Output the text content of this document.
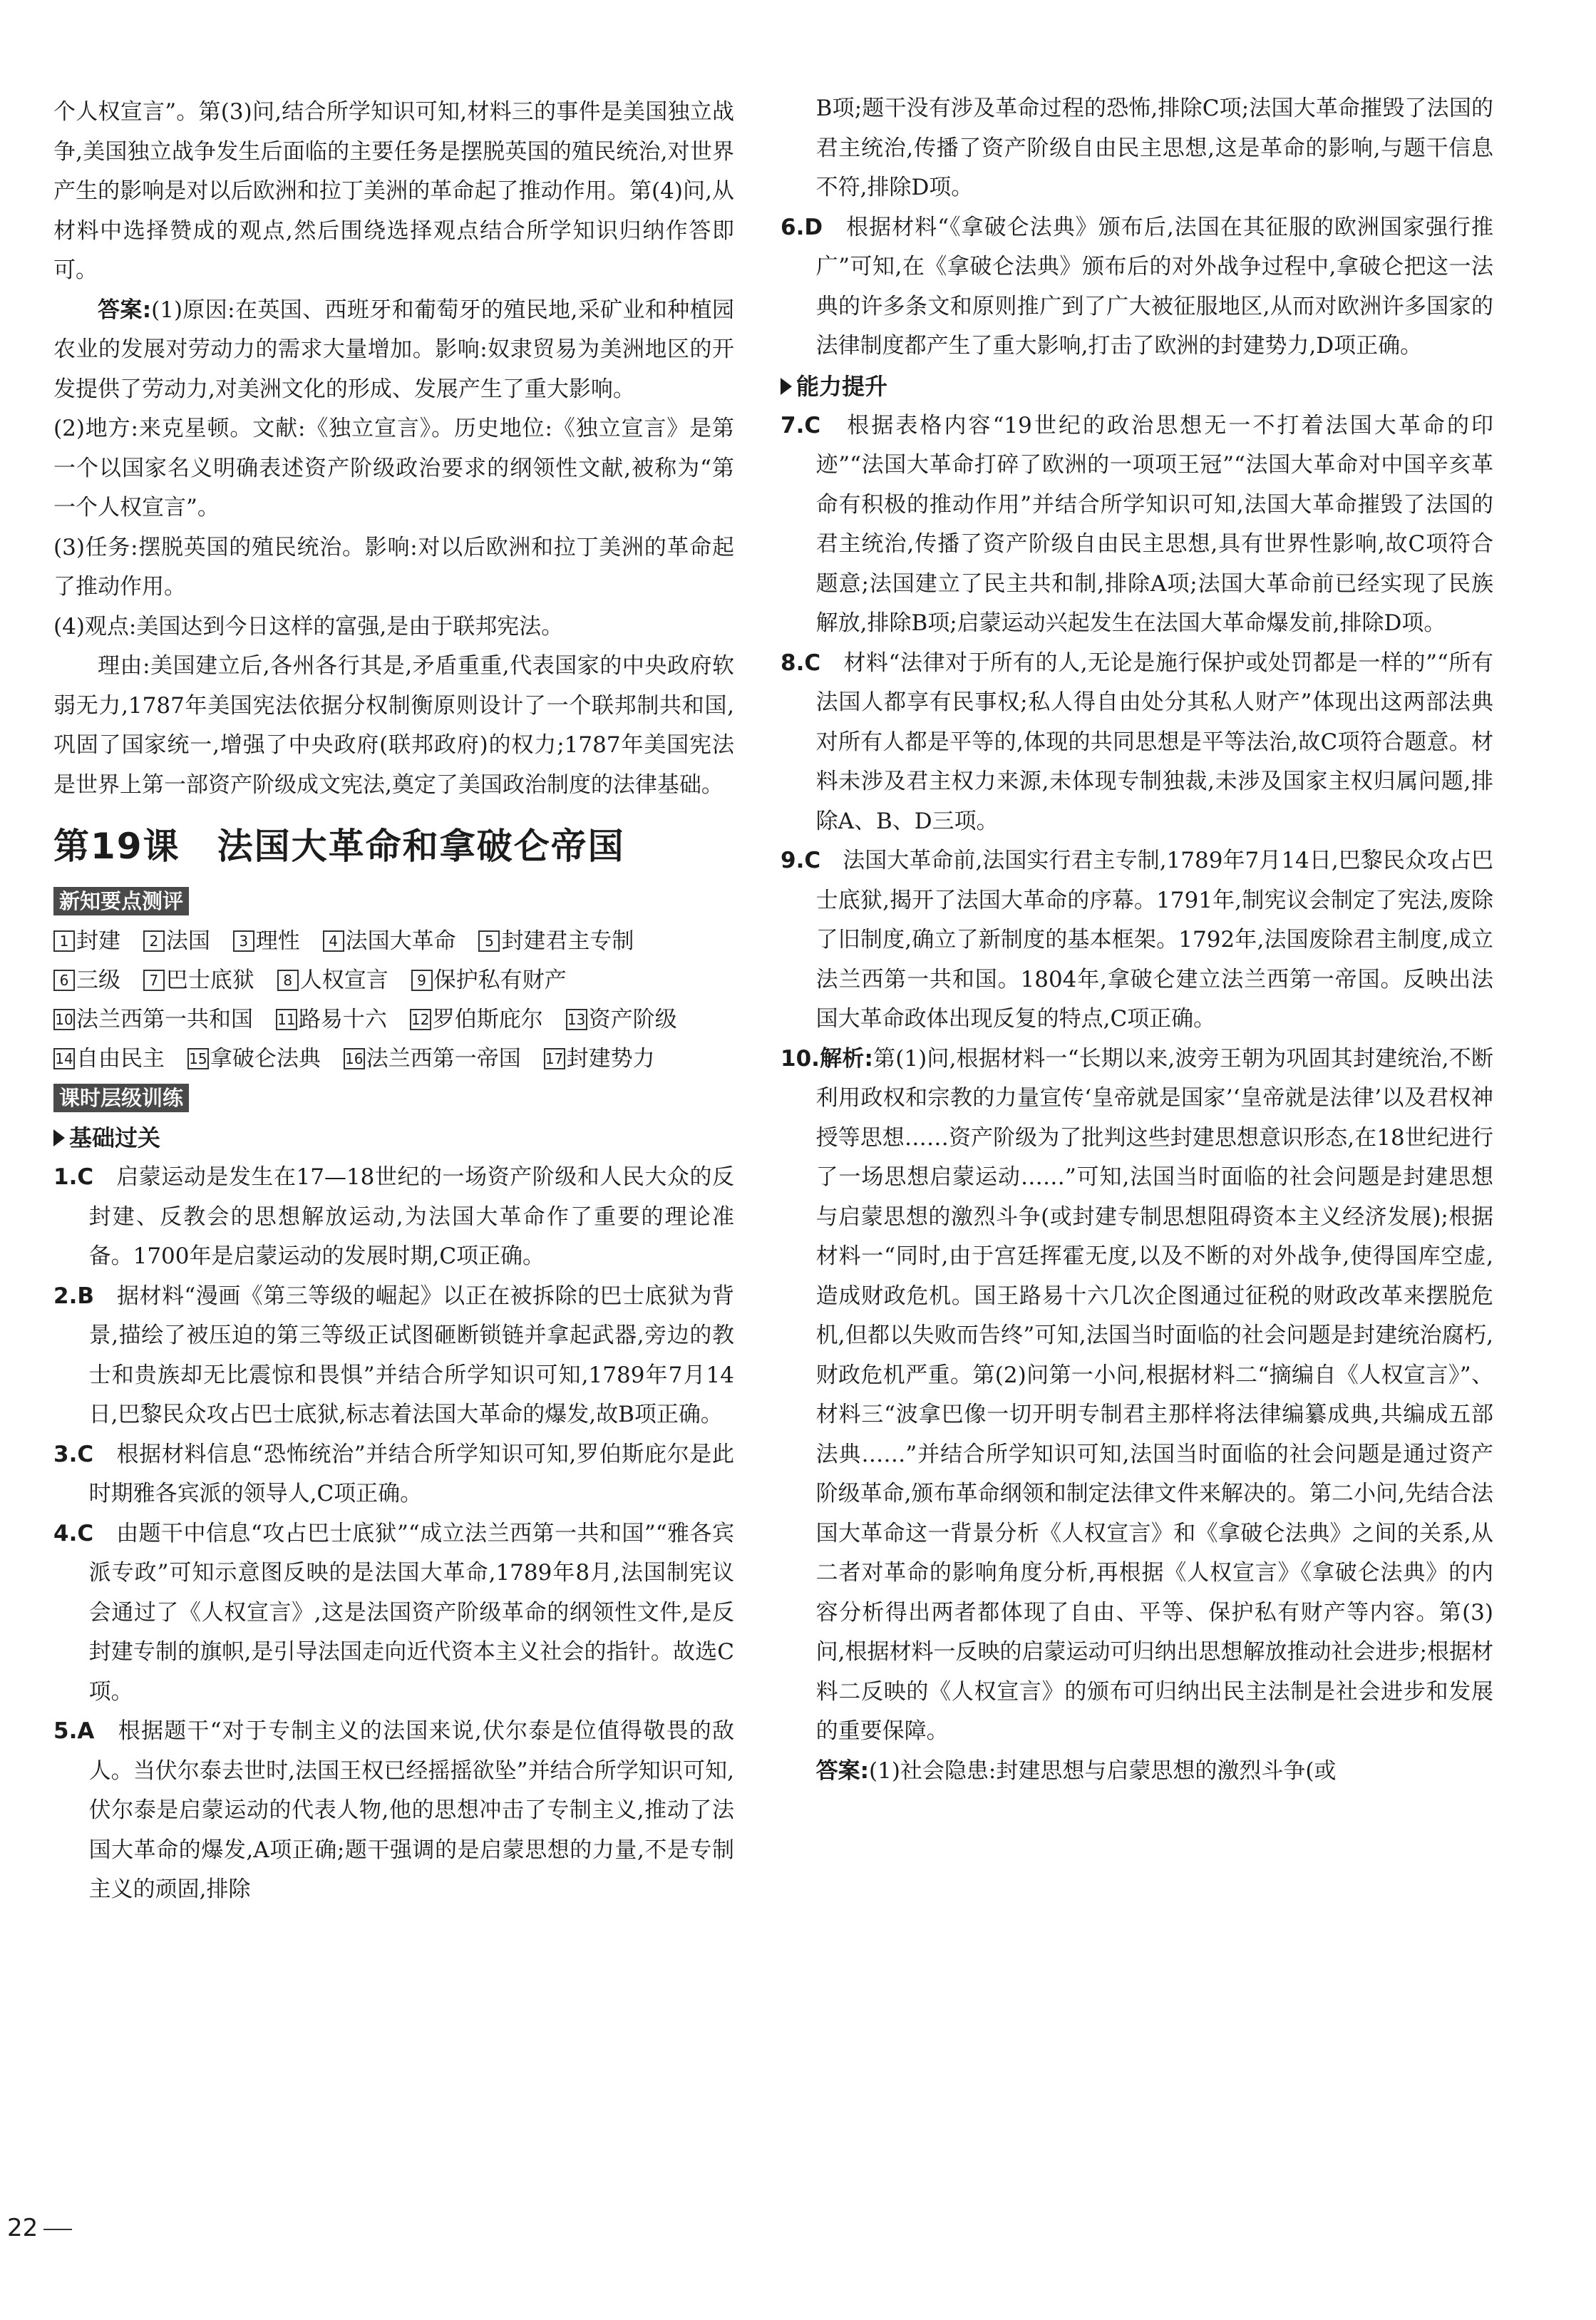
个人权宣言”。第(3)问,结合所学知识可知,材料三的事件是美国独立战争,美国独立战争发生后面临的主要任务是摆脱英国的殖民统治,对世界产生的影响是对以后欧洲和拉丁美洲的革命起了推动作用。第(4)问,从材料中选择赞成的观点,然后围绕选择观点结合所学知识归纳作答即可。

答案:(1)原因:在英国、西班牙和葡萄牙的殖民地,采矿业和种植园农业的发展对劳动力的需求大量增加。影响:奴隶贸易为美洲地区的开发提供了劳动力,对美洲文化的形成、发展产生了重大影响。

(2)地方:来克星顿。文献:《独立宣言》。历史地位:《独立宣言》是第一个以国家名义明确表述资产阶级政治要求的纲领性文献,被称为“第一个人权宣言”。

(3)任务:摆脱英国的殖民统治。影响:对以后欧洲和拉丁美洲的革命起了推动作用。

(4)观点:美国达到今日这样的富强,是由于联邦宪法。

理由:美国建立后,各州各行其是,矛盾重重,代表国家的中央政府软弱无力,1787年美国宪法依据分权制衡原则设计了一个联邦制共和国,巩固了国家统一,增强了中央政府(联邦政府)的权力;1787年美国宪法是世界上第一部资产阶级成文宪法,奠定了美国政治制度的法律基础。

第19课　法国大革命和拿破仑帝国
新知要点测评
1 封建 2 法国 3 理性 4 法国大革命 5 封建君主专制 6 三级 7 巴士底狱 8 人权宣言 9 保护私有财产 10 法兰西第一共和国 11 路易十六 12 罗伯斯庇尔 13 资产阶级 14 自由民主 15 拿破仑法典 16 法兰西第一帝国 17 封建势力
课时层级训练
基础过关

1.C　 启蒙运动是发生在17—18世纪的一场资产阶级和人民大众的反封建、反教会的思想解放运动,为法国大革命作了重要的理论准备。1700年是启蒙运动的发展时期,C项正确。

2.B　 据材料“漫画《第三等级的崛起》以正在被拆除的巴士底狱为背景,描绘了被压迫的第三等级正试图砸断锁链并拿起武器,旁边的教士和贵族却无比震惊和畏惧”并结合所学知识可知,1789年7月14日,巴黎民众攻占巴士底狱,标志着法国大革命的爆发,故B项正确。

3.C　 根据材料信息“恐怖统治”并结合所学知识可知,罗伯斯庇尔是此时期雅各宾派的领导人,C项正确。

4.C　 由题干中信息“攻占巴士底狱”“成立法兰西第一共和国”“雅各宾派专政”可知示意图反映的是法国大革命,1789年8月,法国制宪议会通过了《人权宣言》,这是法国资产阶级革命的纲领性文件,是反封建专制的旗帜,是引导法国走向近代资本主义社会的指针。故选C项。

5.A　 根据题干“对于专制主义的法国来说,伏尔泰是位值得敬畏的敌人。当伏尔泰去世时,法国王权已经摇摇欲坠”并结合所学知识可知,伏尔泰是启蒙运动的代表人物,他的思想冲击了专制主义,推动了法国大革命的爆发,A项正确;题干强调的是启蒙思想的力量,不是专制主义的顽固,排除

B项;题干没有涉及革命过程的恐怖,排除C项;法国大革命摧毁了法国的君主统治,传播了资产阶级自由民主思想,这是革命的影响,与题干信息不符,排除D项。

6.D　 根据材料“《拿破仑法典》颁布后,法国在其征服的欧洲国家强行推广”可知,在《拿破仑法典》颁布后的对外战争过程中,拿破仑把这一法典的许多条文和原则推广到了广大被征服地区,从而对欧洲许多国家的法律制度都产生了重大影响,打击了欧洲的封建势力,D项正确。

能力提升

7.C　 根据表格内容“19世纪的政治思想无一不打着法国大革命的印迹”“法国大革命打碎了欧洲的一项项王冠”“法国大革命对中国辛亥革命有积极的推动作用”并结合所学知识可知,法国大革命摧毁了法国的君主统治,传播了资产阶级自由民主思想,具有世界性影响,故C项符合题意;法国建立了民主共和制,排除A项;法国大革命前已经实现了民族解放,排除B项;启蒙运动兴起发生在法国大革命爆发前,排除D项。

8.C　 材料“法律对于所有的人,无论是施行保护或处罚都是一样的”“所有法国人都享有民事权;私人得自由处分其私人财产”体现出这两部法典对所有人都是平等的,体现的共同思想是平等法治,故C项符合题意。材料未涉及君主权力来源,未体现专制独裁,未涉及国家主权归属问题,排除A、B、D三项。

9.C　 法国大革命前,法国实行君主专制,1789年7月14日,巴黎民众攻占巴士底狱,揭开了法国大革命的序幕。1791年,制宪议会制定了宪法,废除了旧制度,确立了新制度的基本框架。1792年,法国废除君主制度,成立法兰西第一共和国。1804年,拿破仑建立法兰西第一帝国。反映出法国大革命政体出现反复的特点,C项正确。

10.解析:第(1)问,根据材料一“长期以来,波旁王朝为巩固其封建统治,不断利用政权和宗教的力量宣传‘皇帝就是国家’‘皇帝就是法律’以及君权神授等思想……资产阶级为了批判这些封建思想意识形态,在18世纪进行了一场思想启蒙运动……”可知,法国当时面临的社会问题是封建思想与启蒙思想的激烈斗争(或封建专制思想阻碍资本主义经济发展);根据材料一“同时,由于宫廷挥霍无度,以及不断的对外战争,使得国库空虚,造成财政危机。国王路易十六几次企图通过征税的财政改革来摆脱危机,但都以失败而告终”可知,法国当时面临的社会问题是封建统治腐朽,财政危机严重。第(2)问第一小问,根据材料二“摘编自《人权宣言》”、材料三“波拿巴像一切开明专制君主那样将法律编纂成典,共编成五部法典……”并结合所学知识可知,法国当时面临的社会问题是通过资产阶级革命,颁布革命纲领和制定法律文件来解决的。第二小问,先结合法国大革命这一背景分析《人权宣言》和《拿破仑法典》之间的关系,从二者对革命的影响角度分析,再根据《人权宣言》《拿破仑法典》的内容分析得出两者都体现了自由、平等、保护私有财产等内容。第(3)问,根据材料一反映的启蒙运动可归纳出思想解放推动社会进步;根据材料二反映的《人权宣言》的颁布可归纳出民主法制是社会进步和发展的重要保障。

答案:(1)社会隐患:封建思想与启蒙思想的激烈斗争(或

22
